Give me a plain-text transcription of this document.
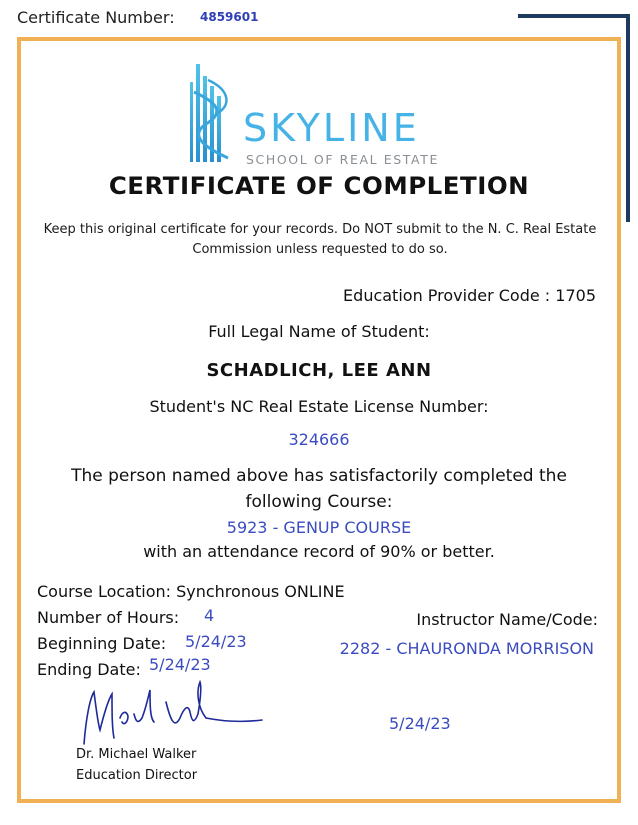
Certificate Number: 4859601
SKYLINE
SCHOOL OF REAL ESTATE
CERTIFICATE OF COMPLETION
Keep this original certificate for your records. Do NOT submit to the N. C. Real Estate Commission unless requested to do so.
Education Provider Code : 1705
Full Legal Name of Student:
SCHADLICH, LEE ANN
Student's NC Real Estate License Number:
324666
The person named above has satisfactorily completed the following Course:
5923 - GENUP COURSE
with an attendance record of 90% or better.
Course Location: Synchronous ONLINE
Number of Hours: 4
Beginning Date: 5/24/23
Ending Date: 5/24/23
Instructor Name/Code:
2282 - CHAURONDA MORRISON
5/24/23
Dr. Michael Walker
Education Director
